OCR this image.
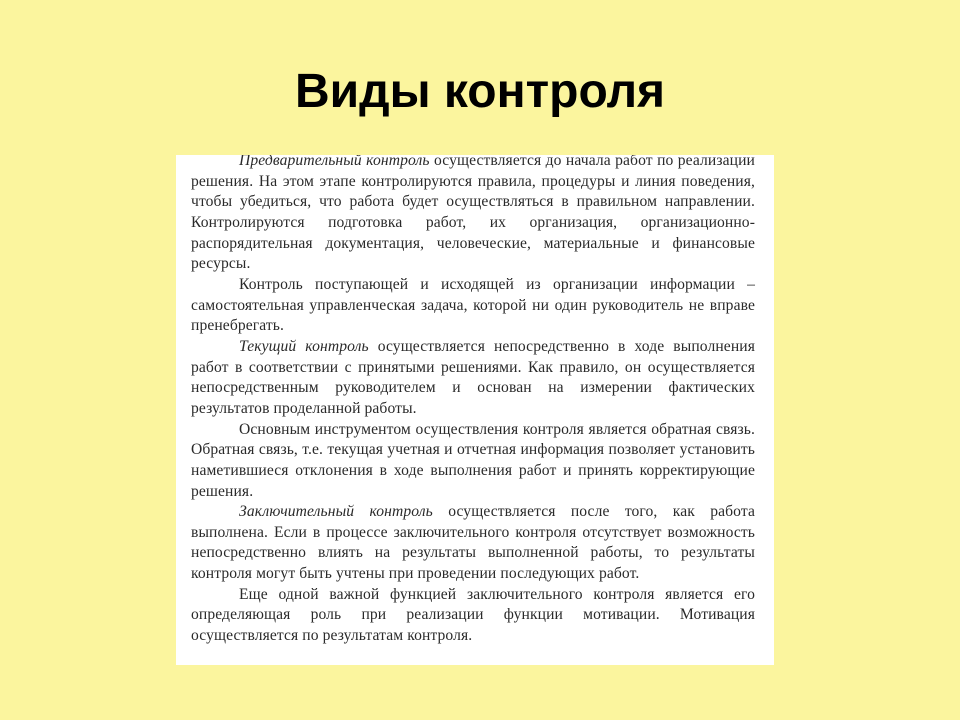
Виды контроля

Предварительный контроль осуществляется до начала работ по реализации решения. На этом этапе контролируются правила, процедуры и линия поведения, чтобы убедиться, что работа будет осуществляться в правильном направлении. Контролируются подготовка работ, их организация, организационно-распорядительная документация, человеческие, материальные и финансовые ресурсы.

Контроль поступающей и исходящей из организации информации – самостоятельная управленческая задача, которой ни один руководитель не вправе пренебрегать.

Текущий контроль осуществляется непосредственно в ходе выполнения работ в соответствии с принятыми решениями. Как правило, он осуществляется непосредственным руководителем и основан на измерении фактических результатов проделанной работы.

Основным инструментом осуществления контроля является обратная связь. Обратная связь, т.е. текущая учетная и отчетная информация позволяет установить наметившиеся отклонения в ходе выполнения работ и принять корректирующие решения.

Заключительный контроль осуществляется после того, как работа выполнена. Если в процессе заключительного контроля отсутствует возможность непосредственно влиять на результаты выполненной работы, то результаты контроля могут быть учтены при проведении последующих работ.

Еще одной важной функцией заключительного контроля является его определяющая роль при реализации функции мотивации. Мотивация осуществляется по результатам контроля.
